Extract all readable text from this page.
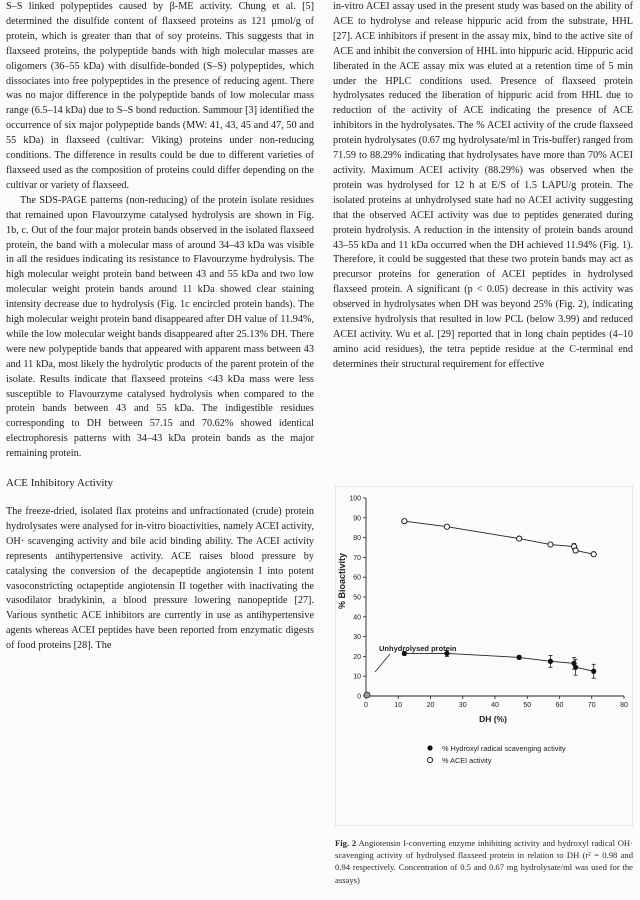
S–S linked polypeptides caused by β-ME activity. Chung et al. [5] determined the disulfide content of flaxseed proteins as 121 µmol/g of protein, which is greater than that of soy proteins. This suggests that in flaxseed proteins, the polypeptide bands with high molecular masses are oligomers (36–55 kDa) with disulfide-bonded (S–S) polypeptides, which dissociates into free polypeptides in the presence of reducing agent. There was no major difference in the polypeptide bands of low molecular mass range (6.5–14 kDa) due to S–S bond reduction. Sammour [3] identified the occurrence of six major polypeptide bands (MW: 41, 43, 45 and 47, 50 and 55 kDa) in flaxseed (cultivar: Viking) proteins under non-reducing conditions. The difference in results could be due to different varieties of flaxseed used as the composition of proteins could differ depending on the cultivar or variety of flaxseed.

The SDS-PAGE patterns (non-reducing) of the protein isolate residues that remained upon Flavourzyme catalysed hydrolysis are shown in Fig. 1b, c. Out of the four major protein bands observed in the isolated flaxseed protein, the band with a molecular mass of around 34–43 kDa was visible in all the residues indicating its resistance to Flavourzyme hydrolysis. The high molecular weight protein band between 43 and 55 kDa and two low molecular weight protein bands around 11 kDa showed clear staining intensity decrease due to hydrolysis (Fig. 1c encircled protein bands). The high molecular weight protein band disappeared after DH value of 11.94%, while the low molecular weight bands disappeared after 25.13% DH. There were new polypeptide bands that appeared with apparent mass between 43 and 11 kDa, most likely the hydrolytic products of the parent protein of the isolate. Results indicate that flaxseed proteins <43 kDa mass were less susceptible to Flavourzyme catalysed hydrolysis when compared to the protein bands between 43 and 55 kDa. The indigestible residues corresponding to DH between 57.15 and 70.62% showed identical electrophoresis patterns with 34–43 kDa protein bands as the major remaining protein.

ACE Inhibitory Activity

The freeze-dried, isolated flax proteins and unfractionated (crude) protein hydrolysates were analysed for in-vitro bioactivities, namely ACEI activity, OH· scavenging activity and bile acid binding ability. The ACEI activity represents antihypertensive activity. ACE raises blood pressure by catalysing the conversion of the decapeptide angiotensin I into potent vasoconstricting octapeptide angiotensin II together with inactivating the vasodilator bradykinin, a blood pressure lowering nanopeptide [27]. Various synthetic ACE inhibitors are currently in use as antihypertensive agents whereas ACEI peptides have been reported from enzymatic digests of food proteins [28]. The

in-vitro ACEI assay used in the present study was based on the ability of ACE to hydrolyse and release hippuric acid from the substrate, HHL [27]. ACE inhibitors if present in the assay mix, bind to the active site of ACE and inhibit the conversion of HHL into hippuric acid. Hippuric acid liberated in the ACE assay mix was eluted at a retention time of 5 min under the HPLC conditions used. Presence of flaxseed protein hydrolysates reduced the liberation of hippuric acid from HHL due to reduction of the activity of ACE indicating the presence of ACE inhibitors in the hydrolysates. The % ACEI activity of the crude flaxseed protein hydrolysates (0.67 mg hydrolysate/ml in Tris-buffer) ranged from 71.59 to 88.29% indicating that hydrolysates have more than 70% ACEI activity. Maximum ACEI activity (88.29%) was observed when the protein was hydrolysed for 12 h at E/S of 1.5 LAPU/g protein. The isolated proteins at unhydrolysed state had no ACEI activity suggesting that the observed ACEI activity was due to peptides generated during protein hydrolysis. A reduction in the intensity of protein bands around 43–55 kDa and 11 kDa occurred when the DH achieved 11.94% (Fig. 1). Therefore, it could be suggested that these two protein bands may act as precursor proteins for generation of ACEI peptides in hydrolysed flaxseed protein. A significant (p < 0.05) decrease in this activity was observed in hydrolysates when DH was beyond 25% (Fig. 2), indicating extensive hydrolysis that resulted in low PCL (below 3.99) and reduced ACEI activity. Wu et al. [29] reported that in long chain peptides (4–10 amino acid residues), the tetra peptide residue at the C-terminal end determines their structural requirement for effective

0	10	20	30	40	50	60	70	80
0
10
20
30
40
50
60
70
80
90
100
% Bioactivity
DH (%)
Unhydrolysed protein
% Hydroxyl radical scavenging activity
% ACEI activity
Fig. 2 Angiotensin I-converting enzyme inhibiting activity and hydroxyl radical OH· scavenging activity of hydrolysed flaxseed protein in relation to DH (r² = 0.98 and 0.94 respectively. Concentration of 0.5 and 0.67 mg hydrolysate/ml was used for the assays)
